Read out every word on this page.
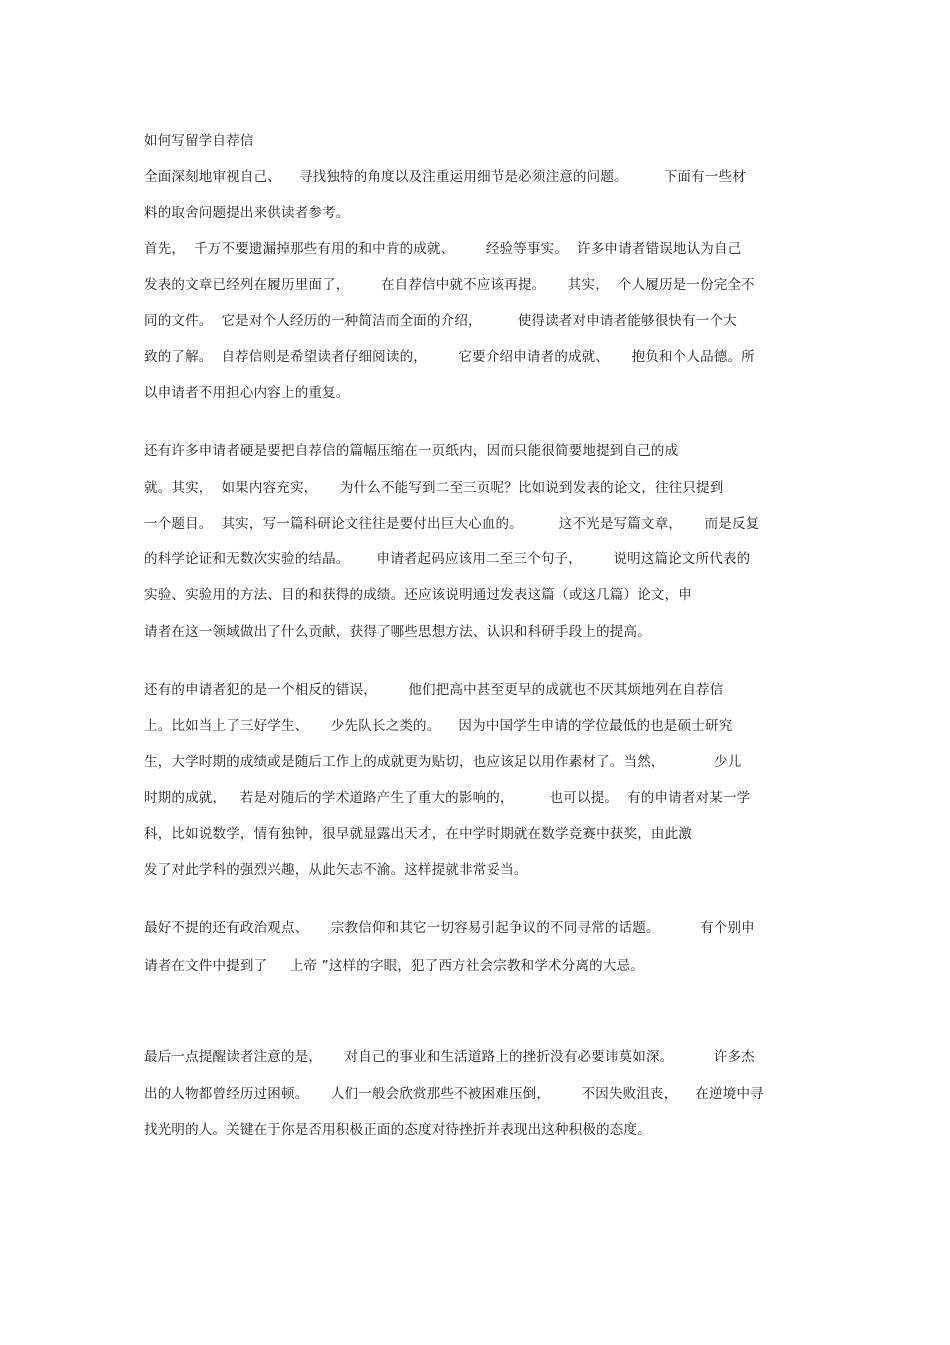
如何写留学自荐信
全面深刻地审视自己、    寻找独特的角度以及注重运用细节是必须注意的问题。        下面有一些材
料的取舍问题提出来供读者参考。
首先，  千万不要遗漏掉那些有用的和中肯的成就、       经验等事实。  许多申请者错误地认为自己
发表的文章已经列在履历里面了，       在自荐信中就不应该再提。     其实，  个人履历是一份完全不
同的文件。  它是对个人经历的一种简洁而全面的介绍，        使得读者对申请者能够很快有一个大
致的了解。  自荐信则是希望读者仔细阅读的，       它要介绍申请者的成就、     抱负和个人品德。所
以申请者不用担心内容上的重复。
还有许多申请者硬是要把自荐信的篇幅压缩在一页纸内，因而只能很简要地提到自己的成
就。其实，  如果内容充实，     为什么不能写到二至三页呢？比如说到发表的论文，往往只提到
一个题目。  其实，写一篇科研论文往往是要付出巨大心血的。        这不光是写篇文章，     而是反复
的科学论证和无数次实验的结晶。      申请者起码应该用二至三个句子，       说明这篇论文所代表的
实验、实验用的方法、目的和获得的成绩。还应该说明通过发表这篇（或这几篇）论文，申
请者在这一领域做出了什么贡献，获得了哪些思想方法、认识和科研手段上的提高。
还有的申请者犯的是一个相反的错误，       他们把高中甚至更早的成就也不厌其烦地列在自荐信
上。比如当上了三好学生、     少先队长之类的。    因为中国学生申请的学位最低的也是硕士研究
生，大学时期的成绩或是随后工作上的成就更为贴切，也应该足以用作素材了。当然，           少儿
时期的成就，   若是对随后的学术道路产生了重大的影响的，        也可以提。  有的申请者对某一学
科，比如说数学，情有独钟，很早就显露出天才，在中学时期就在数学竞赛中获奖，由此激
发了对此学科的强烈兴趣，从此矢志不渝。这样提就非常妥当。
最好不提的还有政治观点、     宗教信仰和其它一切容易引起争议的不同寻常的话题。         有个别申
请者在文件中提到了     上帝 ”这样的字眼，犯了西方社会宗教和学术分离的大忌。
最后一点提醒读者注意的是，     对自己的事业和生活道路上的挫折没有必要讳莫如深。         许多杰
出的人物都曾经历过困顿。     人们一般会欣赏那些不被困难压倒，       不因失败沮丧，    在逆境中寻
找光明的人。关键在于你是否用积极正面的态度对待挫折并表现出这种积极的态度。
